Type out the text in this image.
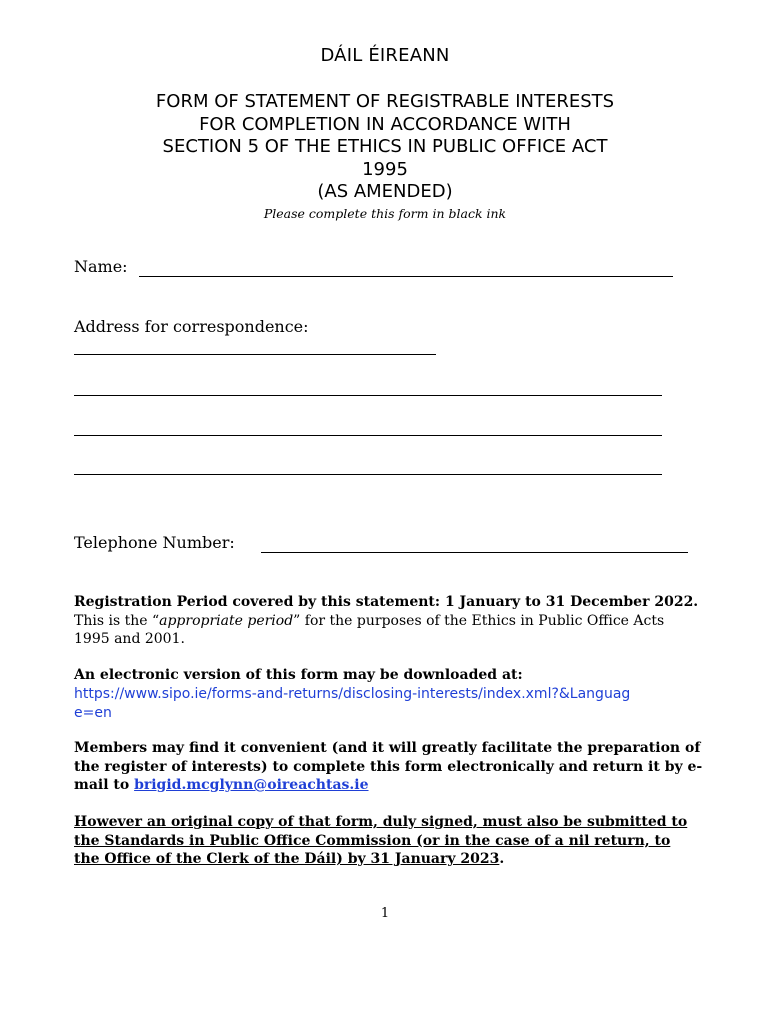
DÁIL ÉIREANN
FORM OF STATEMENT OF REGISTRABLE INTERESTS
FOR COMPLETION IN ACCORDANCE WITH
SECTION 5 OF THE ETHICS IN PUBLIC OFFICE ACT
1995
(AS AMENDED)
Please complete this form in black ink
Name:
Address for correspondence:
Telephone Number:
Registration Period covered by this statement: 1 January to 31 December 2022. This is the “appropriate period” for the purposes of the Ethics in Public Office Acts 1995 and 2001.
An electronic version of this form may be downloaded at:
https://www.sipo.ie/forms-and-returns/disclosing-interests/index.xml?&Language=en
Members may find it convenient (and it will greatly facilitate the preparation of the register of interests) to complete this form electronically and return it by e-mail to brigid.mcglynn@oireachtas.ie
However an original copy of that form, duly signed, must also be submitted to the Standards in Public Office Commission (or in the case of a nil return, to the Office of the Clerk of the Dáil) by 31 January 2023.
1
